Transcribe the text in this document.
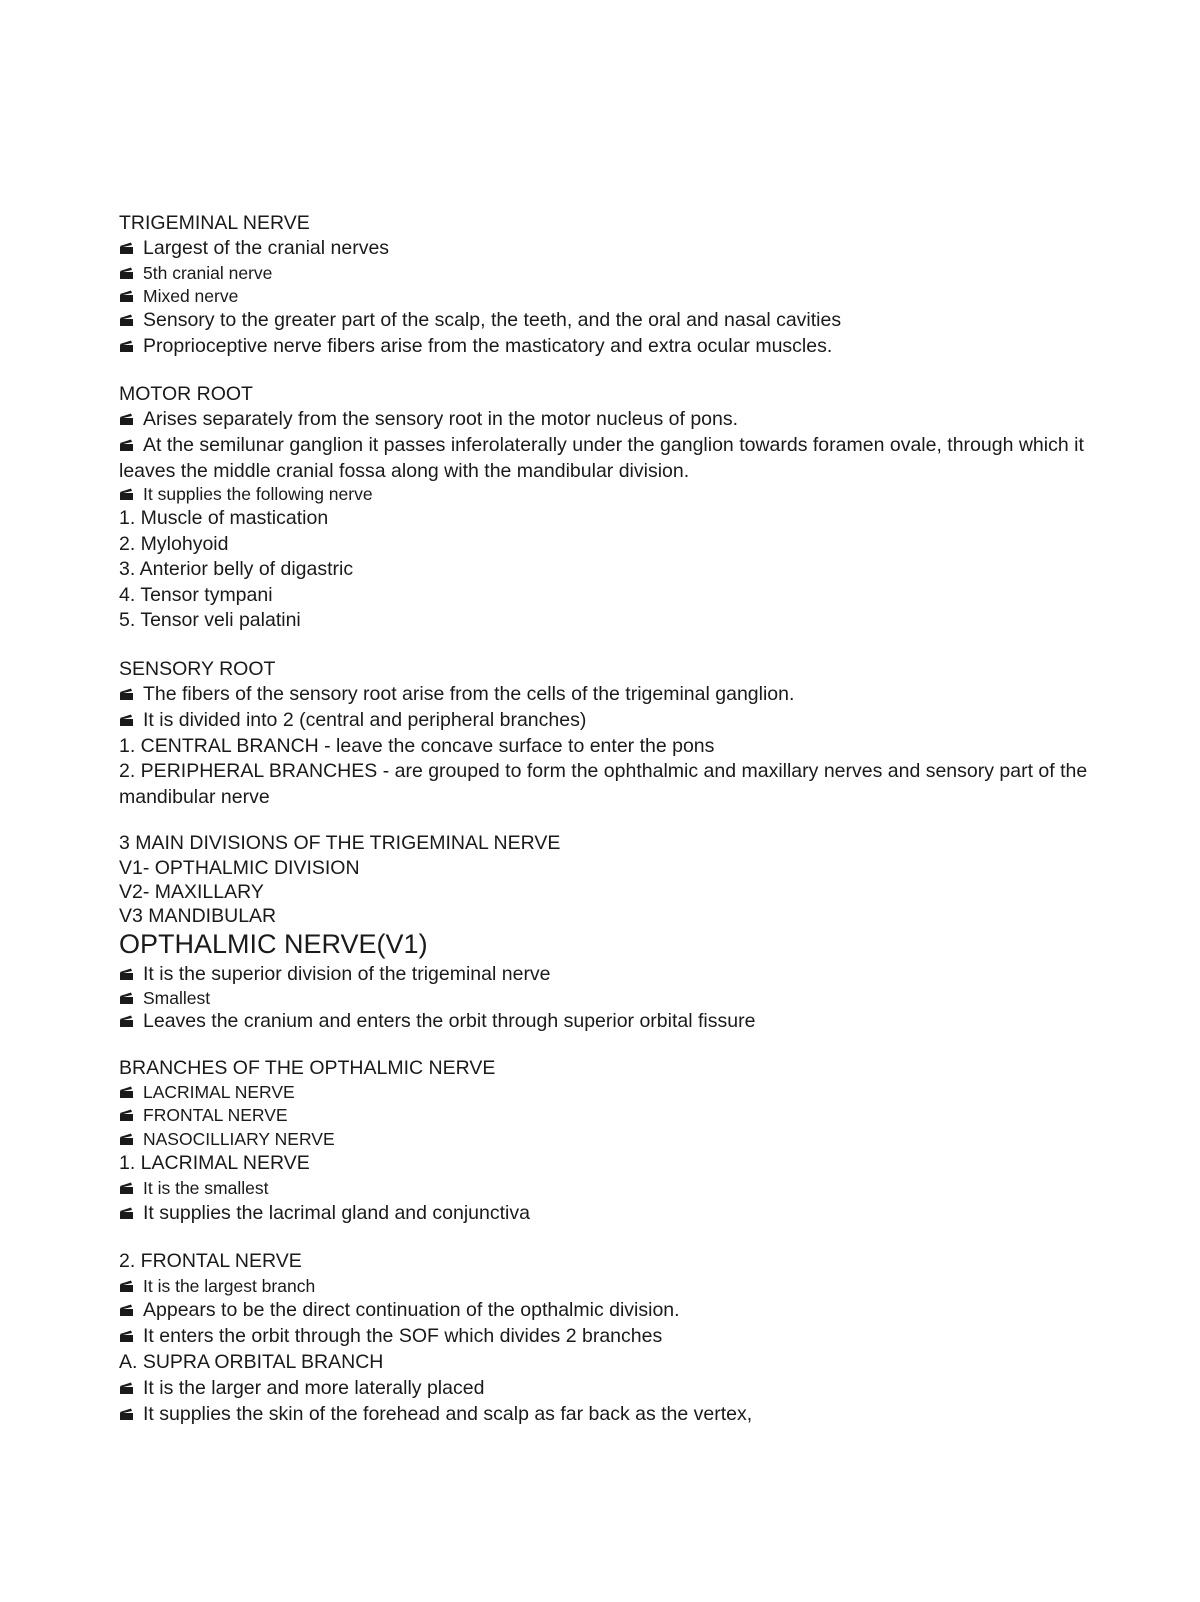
TRIGEMINAL NERVE
Largest of the cranial nerves
5th cranial nerve
Mixed nerve
Sensory to the greater part of the scalp, the teeth, and the oral and nasal cavities
Proprioceptive nerve fibers arise from the masticatory and extra ocular muscles.
MOTOR ROOT
Arises separately from the sensory root in the motor nucleus of pons.
At the semilunar ganglion it passes inferolaterally under the ganglion towards foramen ovale, through which it leaves the middle cranial fossa along with the mandibular division.
It supplies the following nerve
1. Muscle of mastication
2. Mylohyoid
3. Anterior belly of digastric
4. Tensor tympani
5. Tensor veli palatini
SENSORY ROOT
The fibers of the sensory root arise from the cells of the trigeminal ganglion.
It is divided into 2 (central and peripheral branches)
1. CENTRAL BRANCH - leave the concave surface to enter the pons
2. PERIPHERAL BRANCHES - are grouped to form the ophthalmic and maxillary nerves and sensory part of the mandibular nerve
3 MAIN DIVISIONS OF THE TRIGEMINAL NERVE
V1- OPTHALMIC DIVISION
V2- MAXILLARY
V3 MANDIBULAR
OPTHALMIC NERVE(V1)
It is the superior division of the trigeminal nerve
Smallest
Leaves the cranium and enters the orbit through superior orbital fissure
BRANCHES OF THE OPTHALMIC NERVE
LACRIMAL NERVE
FRONTAL NERVE
NASOCILLIARY NERVE
1. LACRIMAL NERVE
It is the smallest
It supplies the lacrimal gland and conjunctiva
2. FRONTAL NERVE
It is the largest branch
Appears to be the direct continuation of the opthalmic division.
It enters the orbit through the SOF which divides 2 branches
A. SUPRA ORBITAL BRANCH
It is the larger and more laterally placed
It supplies the skin of the forehead and scalp as far back as the vertex,
